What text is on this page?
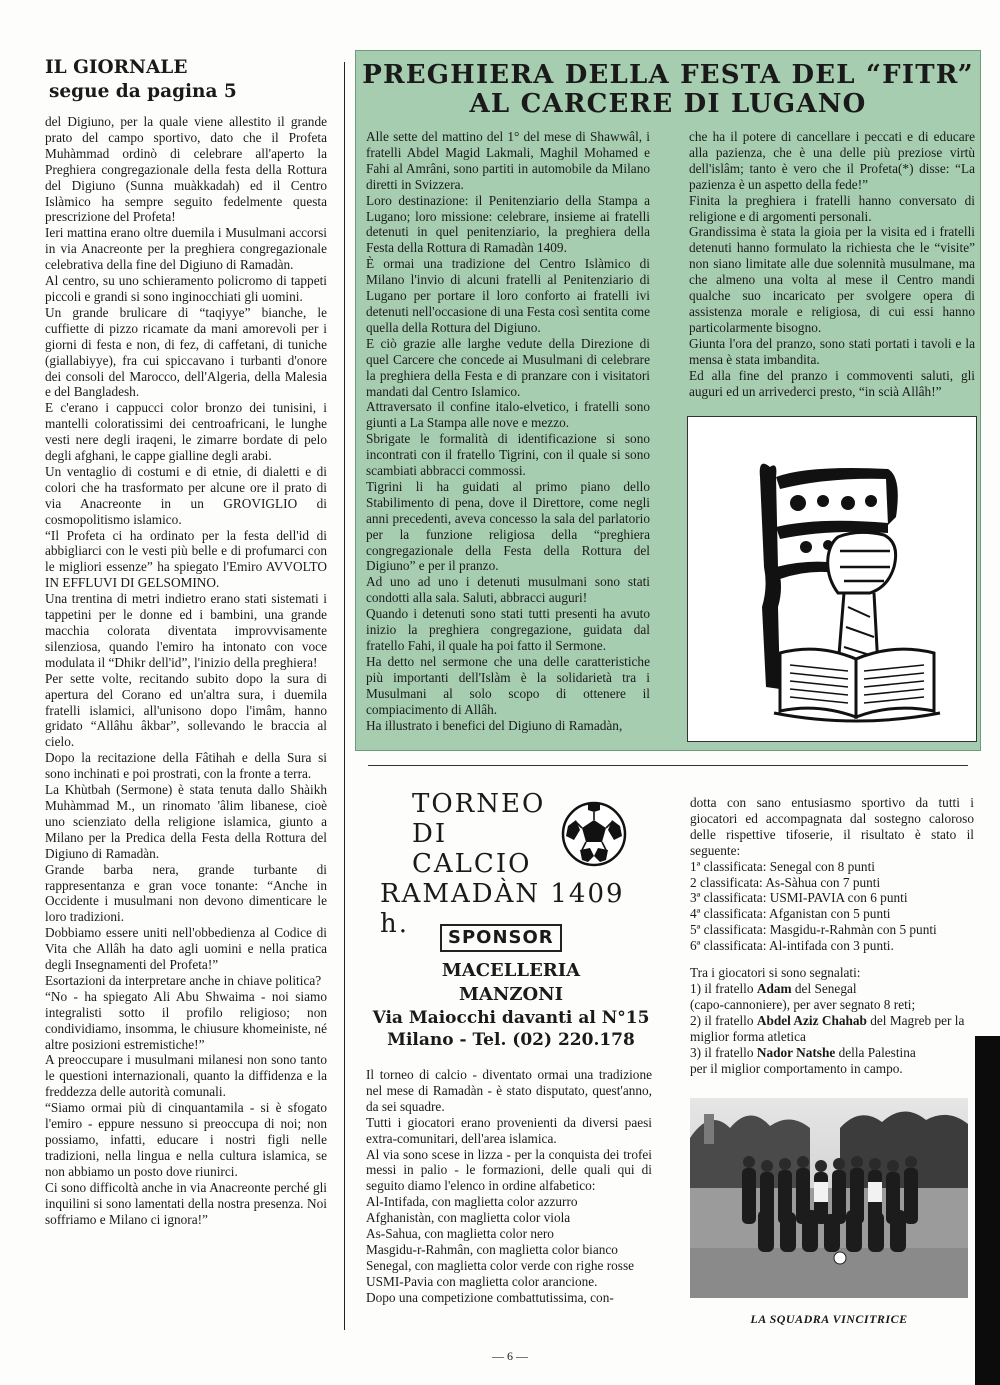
IL GIORNALE

segue da pagina 5

del Digiuno, per la quale viene allestito il grande prato del campo sportivo, dato che il Profeta Muhàmmad ordinò di celebrare all'aperto la Preghiera congregazionale della festa della Rottura del Digiuno (Sunna muàkkadah) ed il Centro Islàmico ha sempre seguito fedelmente questa prescrizione del Profeta!

Ieri mattina erano oltre duemila i Musulmani accorsi in via Anacreonte per la preghiera congregazionale celebrativa della fine del Digiuno di Ramadàn.

Al centro, su uno schieramento policromo di tappeti piccoli e grandi si sono inginocchiati gli uomini.

Un grande brulicare di “taqiyye” bianche, le cuffiette di pizzo ricamate da mani amorevoli per i giorni di festa e non, di fez, di caffetani, di tuniche (giallabiyye), fra cui spiccavano i turbanti d'onore dei consoli del Marocco, dell'Algeria, della Malesia e del Bangladesh.

E c'erano i cappucci color bronzo dei tunisini, i mantelli coloratissimi dei centroafricani, le lunghe vesti nere degli iraqeni, le zimarre bordate di pelo degli afghani, le cappe gialline degli arabi.

Un ventaglio di costumi e di etnie, di dialetti e di colori che ha trasformato per alcune ore il prato di via Anacreonte in un GROVIGLIO di cosmopolitismo islamico.

“Il Profeta ci ha ordinato per la festa dell'id di abbigliarci con le vesti più belle e di profumarci con le migliori essenze” ha spiegato l'Emiro AVVOLTO IN EFFLUVI DI GELSOMINO.

Una trentina di metri indietro erano stati sistemati i tappetini per le donne ed i bambini, una grande macchia colorata diventata improvvisamente silenziosa, quando l'emiro ha intonato con voce modulata il “Dhikr dell'id”, l'inizio della preghiera!

Per sette volte, recitando subito dopo la sura di apertura del Corano ed un'altra sura, i duemila fratelli islamici, all'unisono dopo l'imâm, hanno gridato “Allâhu âkbar”, sollevando le braccia al cielo.

Dopo la recitazione della Fâtihah e della Sura si sono inchinati e poi prostrati, con la fronte a terra.

La Khùtbah (Sermone) è stata tenuta dallo Shàikh Muhàmmad M., un rinomato 'âlim libanese, cioè uno scienziato della religione islamica, giunto a Milano per la Predica della Festa della Rottura del Digiuno di Ramadàn.

Grande barba nera, grande turbante di rappresentanza e gran voce tonante: “Anche in Occidente i musulmani non devono dimenticare le loro tradizioni.

Dobbiamo essere uniti nell'obbedienza al Codice di Vita che Allâh ha dato agli uomini e nella pratica degli Insegnamenti del Profeta!”

Esortazioni da interpretare anche in chiave politica?

“No - ha spiegato Ali Abu Shwaima - noi siamo integralisti sotto il profilo religioso; non condividiamo, insomma, le chiusure khomeiniste, né altre posizioni estremistiche!”

A preoccupare i musulmani milanesi non sono tanto le questioni internazionali, quanto la diffidenza e la freddezza delle autorità comunali.

“Siamo ormai più di cinquantamila - si è sfogato l'emiro - eppure nessuno si preoccupa di noi; non possiamo, infatti, educare i nostri figli nelle tradizioni, nella lingua e nella cultura islamica, se non abbiamo un posto dove riunirci.

Ci sono difficoltà anche in via Anacreonte perché gli inquilini si sono lamentati della nostra presenza. Noi soffriamo e Milano ci ignora!”

PREGHIERA DELLA FESTA DEL “FITR”
AL CARCERE DI LUGANO

Alle sette del mattino del 1° del mese di Shawwâl, i fratelli Abdel Magid Lakmali, Maghil Mohamed e Fahi al Amrâni, sono partiti in automobile da Milano diretti in Svizzera.

Loro destinazione: il Penitenziario della Stampa a Lugano; loro missione: celebrare, insieme ai fratelli detenuti in quel penitenziario, la preghiera della Festa della Rottura di Ramadàn 1409.

È ormai una tradizione del Centro Islàmico di Milano l'invio di alcuni fratelli al Penitenziario di Lugano per portare il loro conforto ai fratelli ivi detenuti nell'occasione di una Festa così sentita come quella della Rottura del Digiuno.

E ciò grazie alle larghe vedute della Direzione di quel Carcere che concede ai Musulmani di celebrare la preghiera della Festa e di pranzare con i visitatori mandati dal Centro Islamico.

Attraversato il confine italo-elvetico, i fratelli sono giunti a La Stampa alle nove e mezzo.

Sbrigate le formalità di identificazione si sono incontrati con il fratello Tigrini, con il quale si sono scambiati abbracci commossi.

Tigrini li ha guidati al primo piano dello Stabilimento di pena, dove il Direttore, come negli anni precedenti, aveva concesso la sala del parlatorio per la funzione religiosa della “preghiera congregazionale della Festa della Rottura del Digiuno” e per il pranzo.

Ad uno ad uno i detenuti musulmani sono stati condotti alla sala. Saluti, abbracci auguri!

Quando i detenuti sono stati tutti presenti ha avuto inizio la preghiera congregazione, guidata dal fratello Fahi, il quale ha poi fatto il Sermone.

Ha detto nel sermone che una delle caratteristiche più importanti dell'Islàm è la solidarietà tra i Musulmani al solo scopo di ottenere il compiacimento di Allâh.

Ha illustrato i benefici del Digiuno di Ramadàn,

che ha il potere di cancellare i peccati e di educare alla pazienza, che è una delle più preziose virtù dell'islâm; tanto è vero che il Profeta(*) disse: “La pazienza è un aspetto della fede!”

Finita la preghiera i fratelli hanno conversato di religione e di argomenti personali.

Grandissima è stata la gioia per la visita ed i fratelli detenuti hanno formulato la richiesta che le “visite” non siano limitate alle due solennità musulmane, ma che almeno una volta al mese il Centro mandi qualche suo incaricato per svolgere opera di assistenza morale e religiosa, di cui essi hanno particolarmente bisogno.

Giunta l'ora del pranzo, sono stati portati i tavoli e la mensa è stata imbandita.

Ed alla fine del pranzo i commoventi saluti, gli auguri ed un arrivederci presto, “in scià Allâh!”

TORNEO
DI
CALCIO
RAMADÀN 1409 h.	SPONSOR
MACELLERIA
MANZONI
Via Maiocchi davanti al N°15
Milano - Tel. (02) 220.178

Il torneo di calcio - diventato ormai una tradizione nel mese di Ramadàn - è stato disputato, quest'anno, da sei squadre.

Tutti i giocatori erano provenienti da diversi paesi extra-comunitari, dell'area islamica.

Al via sono scese in lizza - per la conquista dei trofei messi in palio - le formazioni, delle quali qui di seguito diamo l'elenco in ordine alfabetico:

Al-Intifada, con maglietta color azzurro

Afghanistàn, con maglietta color viola

As-Sahua, con maglietta color nero

Masgidu-r-Rahmân, con maglietta color bianco

Senegal, con maglietta color verde con righe rosse

USMI-Pavia con maglietta color arancione.

Dopo una competizione combattutissima, con-

dotta con sano entusiasmo sportivo da tutti i giocatori ed accompagnata dal sostegno caloroso delle rispettive tifoserie, il risultato è stato il seguente:

1ª classificata: Senegal con 8 punti

2 classificata: As-Sàhua con 7 punti

3ª classificata: USMI-PAVIA con 6 punti

4ª classificata: Afganistan con 5 punti

5ª classificata: Masgidu-r-Rahmàn con 5 punti

6ª classificata: Al-intifada con 3 punti.

Tra i giocatori si sono segnalati:

1) il fratello Adam del Senegal

(capo-cannoniere), per aver segnato 8 reti;

2) il fratello Abdel Aziz Chahab del Magreb per la miglior forma atletica

3) il fratello Nador Natshe della Palestina

per il miglior comportamento in campo.

LA SQUADRA VINCITRICE
— 6 —
